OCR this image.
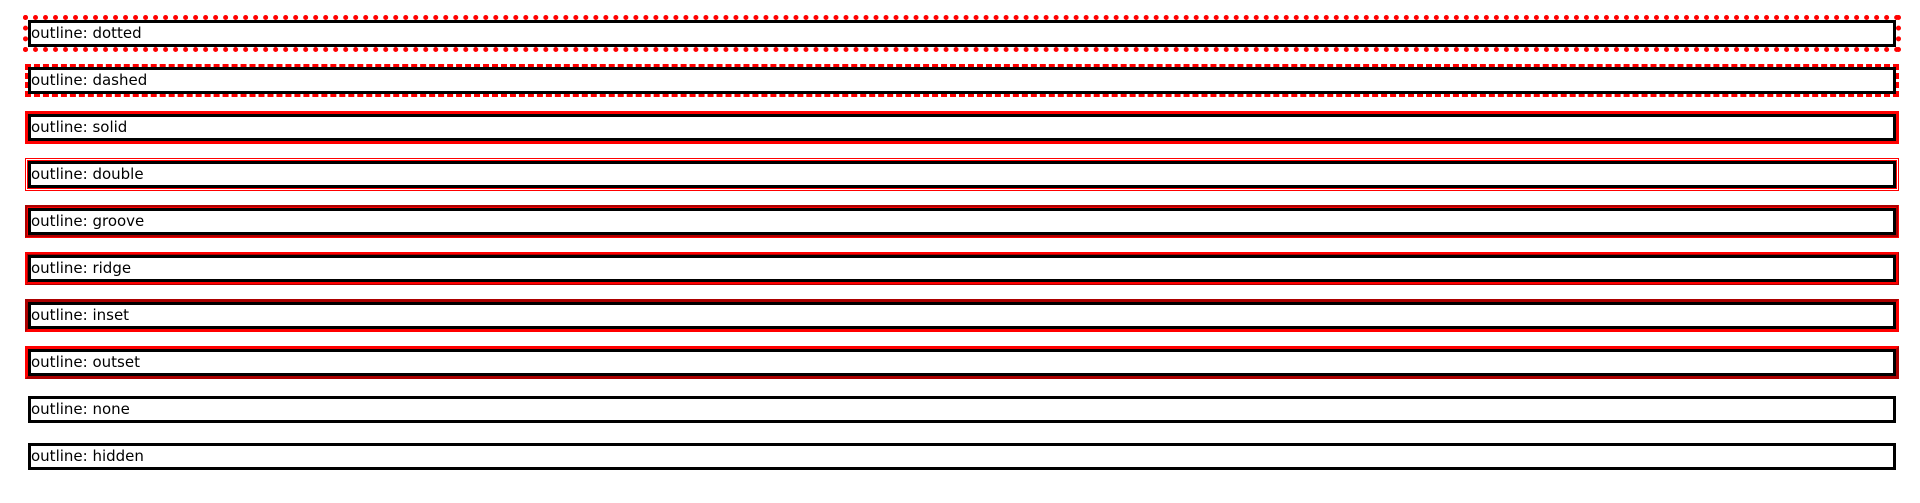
outline: dotted
outline: dashed
outline: solid
outline: double
outline: groove
outline: ridge
outline: inset
outline: outset
outline: none
outline: hidden
